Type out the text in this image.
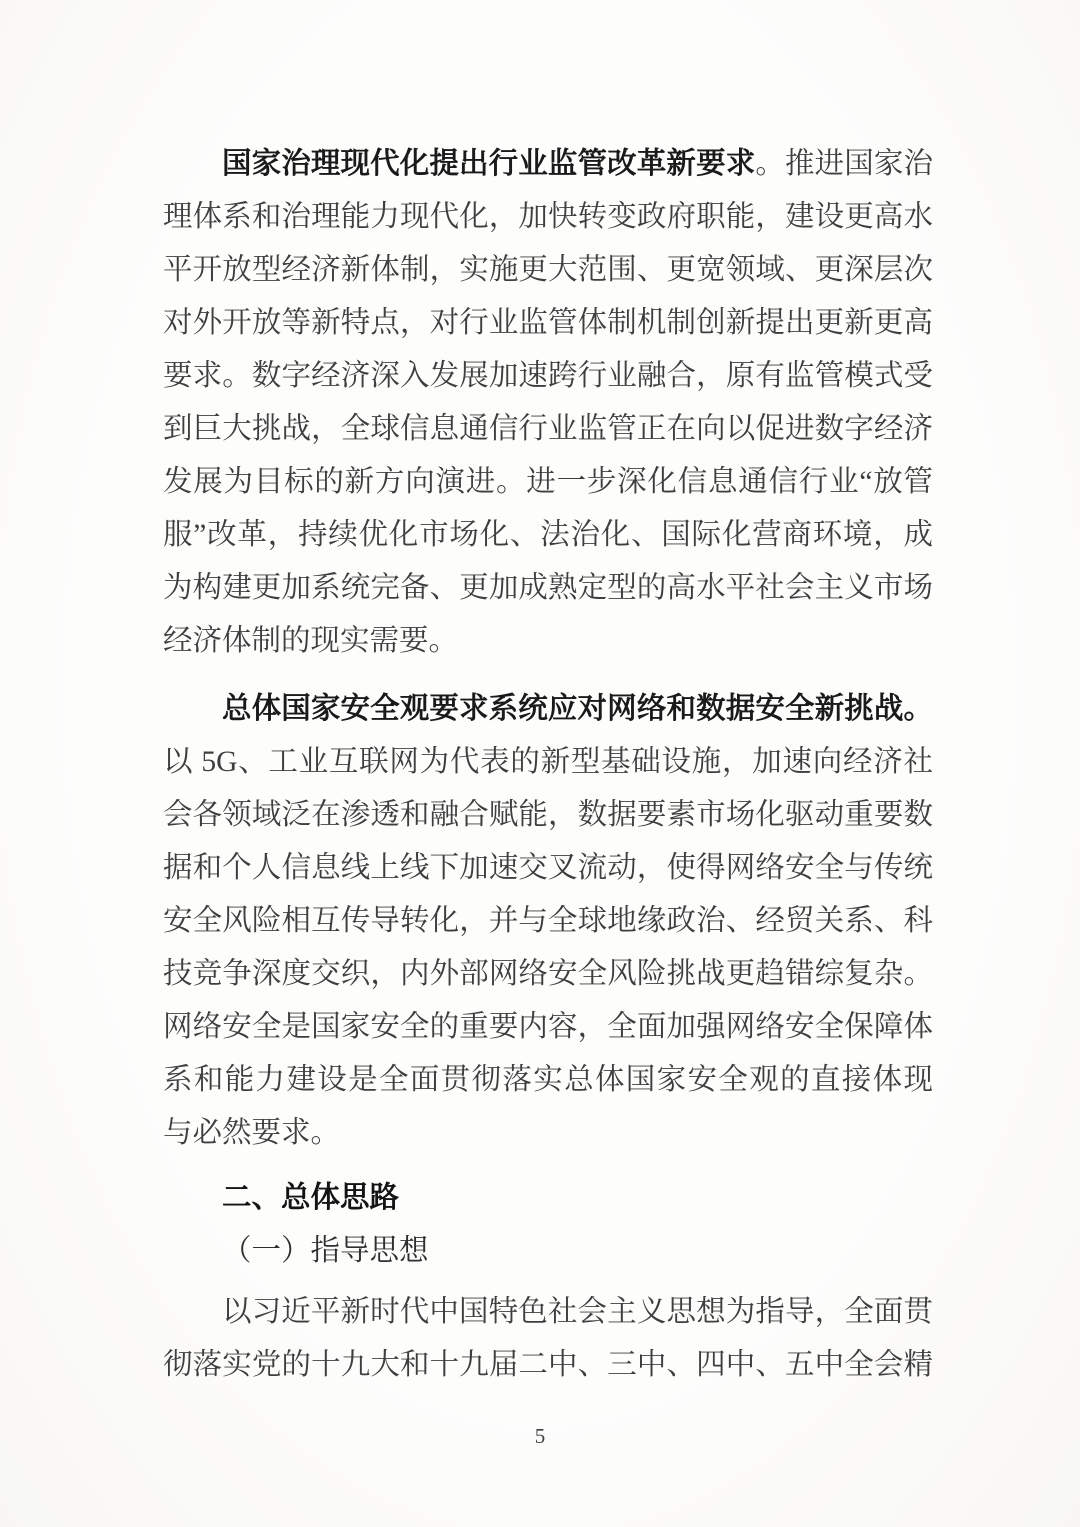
国家治理现代化提出行业监管改革新要求。推进国家治
理体系和治理能力现代化，加快转变政府职能，建设更高水
平开放型经济新体制，实施更大范围、更宽领域、更深层次
对外开放等新特点，对行业监管体制机制创新提出更新更高
要求。数字经济深入发展加速跨行业融合，原有监管模式受
到巨大挑战，全球信息通信行业监管正在向以促进数字经济
发展为目标的新方向演进。进一步深化信息通信行业“放管
服”改革，持续优化市场化、法治化、国际化营商环境，成
为构建更加系统完备、更加成熟定型的高水平社会主义市场
经济体制的现实需要。
总体国家安全观要求系统应对网络和数据安全新挑战。
以 5G、工业互联网为代表的新型基础设施，加速向经济社
会各领域泛在渗透和融合赋能，数据要素市场化驱动重要数
据和个人信息线上线下加速交叉流动，使得网络安全与传统
安全风险相互传导转化，并与全球地缘政治、经贸关系、科
技竞争深度交织，内外部网络安全风险挑战更趋错综复杂。
网络安全是国家安全的重要内容，全面加强网络安全保障体
系和能力建设是全面贯彻落实总体国家安全观的直接体现
与必然要求。
二、总体思路
（一）指导思想
以习近平新时代中国特色社会主义思想为指导，全面贯
彻落实党的十九大和十九届二中、三中、四中、五中全会精
5
